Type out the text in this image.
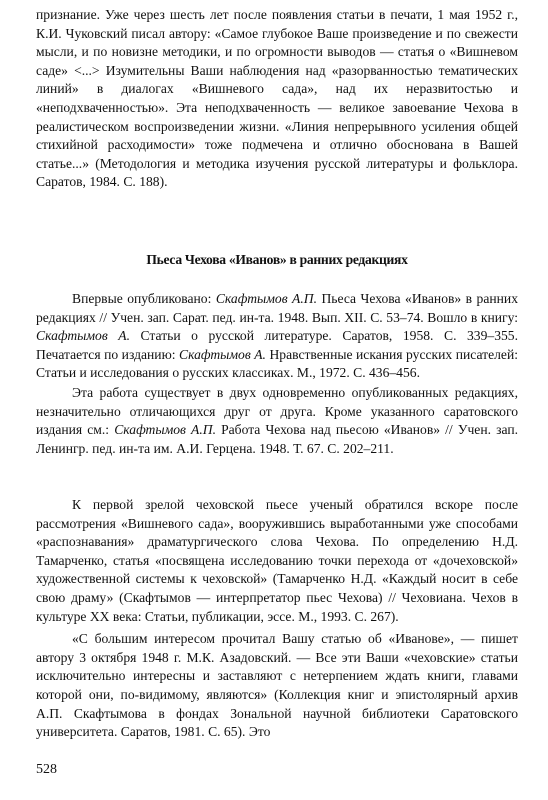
признание. Уже через шесть лет после появления статьи в печати, 1 мая 1952 г., К.И. Чуковский писал автору: «Самое глубокое Ваше произведение и по свежести мысли, и по новизне методики, и по огромности выводов — статья о «Вишневом саде» <...> Изумительны Ваши наблюдения над «разорванностью тематических линий» в диалогах «Вишневого сада», над их неразвитостью и «неподхваченностью». Эта неподхваченность — великое завоевание Чехова в реалистическом воспроизведении жизни. «Линия непрерывного усиления общей стихийной расходимости» тоже подмечена и отлично обоснована в Вашей статье...» (Методология и методика изучения русской литературы и фольклора. Саратов, 1984. С. 188).

Пьеса Чехова «Иванов» в ранних редакциях

Впервые опубликовано: Скафтымов А.П. Пьеса Чехова «Иванов» в ранних редакциях // Учен. зап. Сарат. пед. ин-та. 1948. Вып. XII. С. 53–74. Вошло в книгу: Скафтымов А. Статьи о русской литературе. Саратов, 1958. С. 339–355. Печатается по изданию: Скафтымов А. Нравственные искания русских писателей: Статьи и исследования о русских классиках. М., 1972. С. 436–456.

Эта работа существует в двух одновременно опубликованных редакциях, незначительно отличающихся друг от друга. Кроме указанного саратовского издания см.: Скафтымов А.П. Работа Чехова над пьесою «Иванов» // Учен. зап. Ленингр. пед. ин-та им. А.И. Герцена. 1948. Т. 67. С. 202–211.

К первой зрелой чеховской пьесе ученый обратился вскоре после рассмотрения «Вишневого сада», вооружившись выработанными уже способами «распознавания» драматургического слова Чехова. По определению Н.Д. Тамарченко, статья «посвящена исследованию точки перехода от «дочеховской» художественной системы к чеховской» (Тамарченко Н.Д. «Каждый носит в себе свою драму» (Скафтымов — интерпретатор пьес Чехова) // Чеховиана. Чехов в культуре XX века: Статьи, публикации, эссе. М., 1993. С. 267).

«С большим интересом прочитал Вашу статью об «Иванове», — пишет автору 3 октября 1948 г. М.К. Азадовский. — Все эти Ваши «чеховские» статьи исключительно интересны и заставляют с нетерпением ждать книги, главами которой они, по-видимому, являются» (Коллекция книг и эпистолярный архив А.П. Скафтымова в фондах Зональной научной библиотеки Саратовского университета. Саратов, 1981. С. 65). Это

528
